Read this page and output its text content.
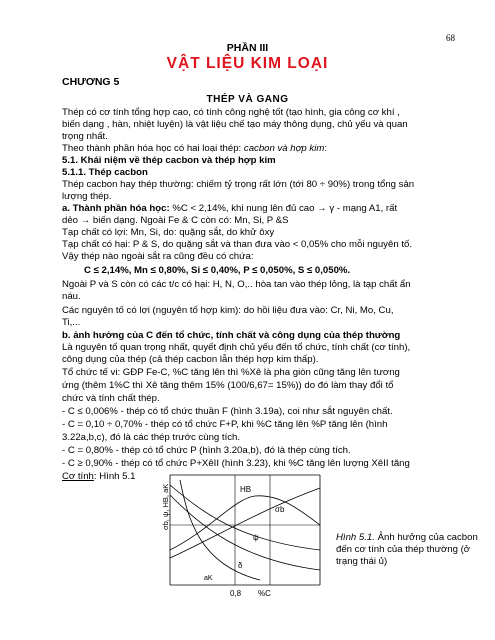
68
PHẦN III
VẬT LIỆU KIM LOẠI
CHƯƠNG 5
THÉP VÀ GANG
Thép có cơ tính tổng hợp cao, có tính công nghệ tốt (tạo hình, gia công cơ khí ,
biến dạng , hàn, nhiệt luyện) là vật liệu chế tạo máy thông dụng, chủ yếu và quan
trọng nhất.
Theo thành phần hóa học có hai loại thép: cacbon và hợp kim:
5.1. Khái niệm về thép cacbon và thép hợp kim
5.1.1. Thép cacbon
Thép cacbon hay thép thường: chiếm tỷ trọng rất lớn (tới 80 ÷ 90%) trong tổng sản
lượng thép.
a. Thành phần hóa học: %C < 2,14%, khi nung lên đủ cao → γ - mạng A1, rất
dẻo → biến dạng. Ngoài Fe & C còn có: Mn, Si, P &S
Tạp chất có lợi: Mn, Si, do: quặng sắt, do khử ôxy
Tạp chất có hại: P & S, do quặng sắt và than đưa vào < 0,05% cho mỗi nguyên tố.
Vậy thép nào ngoài sắt ra cũng đều có chứa:
C ≤ 2,14%, Mn ≤ 0,80%, Si ≤ 0,40%, P ≤ 0,050%, S ≤ 0,050%.
Ngoài P và S còn có các t/c có hại: H, N, O,.. hòa tan vào thép lỏng, là tạp chất ẩn
náu.
Các nguyên tố có lợi (nguyên tố hợp kim): do hồi liệu đưa vào: Cr, Ni, Mo, Cu,
Ti,...
b. ảnh hưởng của C đến tổ chức, tính chất và công dụng của thép thường
Là nguyên tố quan trọng nhất, quyết định chủ yếu đến tổ chức, tính chất (cơ tính),
công dụng của thép (cả thép cacbon lẫn thép hợp kim thấp).
Tổ chức tế vi: GĐP Fe-C, %C tăng lên thì %Xê là pha giòn cũng tăng lên tương
ứng (thêm 1%C thì Xê tăng thêm 15% (100/6,67= 15%)) do đó làm thay đổi tổ
chức và tính chất thép.
- C ≤ 0,006% - thép có tổ chức thuần F (hình 3.19a), coi như sắt nguyên chất.
- C = 0,10 ÷ 0,70% - thép có tổ chức F+P, khi %C tăng lên %P tăng lên (hình
3.22a,b,c), đó là các thép trước cùng tích.
- C = 0,80% - thép có tổ chức P (hình 3.20a,b), đó là thép cùng tích.
- C ≥ 0,90% - thép có tổ chức P+XêII (hình 3.23), khi %C tăng lên lượng XêII tăng
Cơ tính: Hình 5.1
σb, ψ, HB, aK	HB
σb
ψ
δ
aK
0,8 %C
Hình 5.1. Ảnh hưởng của cacbon đến cơ tính của thép thường (ở trạng thái ủ)
